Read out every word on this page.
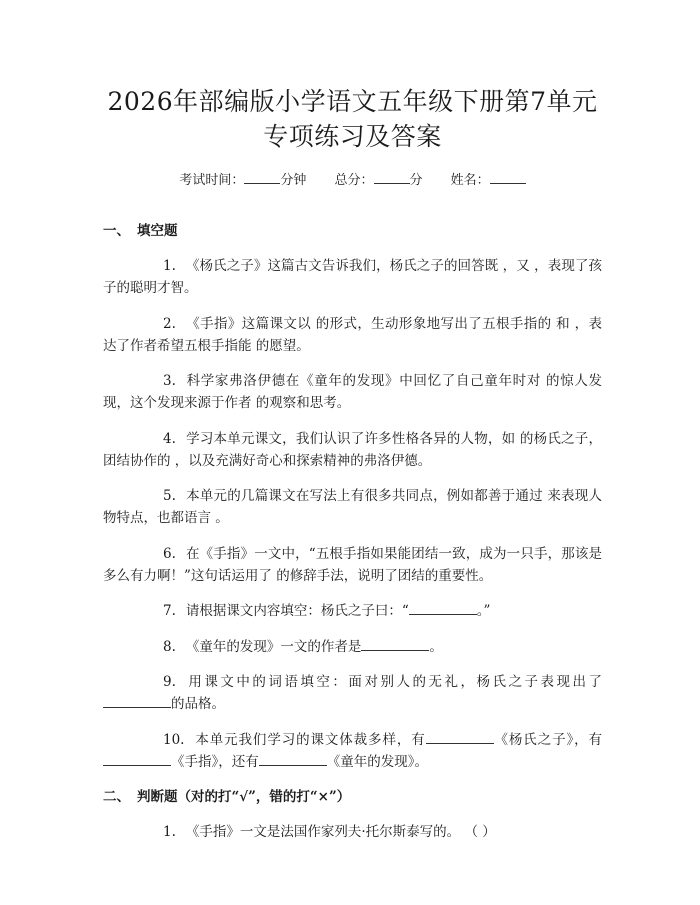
2026年部编版小学语文五年级下册第7单元
专项练习及答案
考试时间：	分钟 总分：	分 姓名：
一、 填空题

1. 《杨氏之子》这篇古文告诉我们，杨氏之子的回答既 ，又 ，表现了孩子的聪明才智。

2. 《手指》这篇课文以 的形式，生动形象地写出了五根手指的 和 ，表达了作者希望五根手指能 的愿望。

3. 科学家弗洛伊德在《童年的发现》中回忆了自己童年时对 的惊人发现，这个发现来源于作者 的观察和思考。

4. 学习本单元课文，我们认识了许多性格各异的人物，如 的杨氏之子，团结协作的 ，以及充满好奇心和探索精神的弗洛伊德。

5. 本单元的几篇课文在写法上有很多共同点，例如都善于通过 来表现人物特点，也都语言 。

6. 在《手指》一文中，“五根手指如果能团结一致，成为一只手，那该是多么有力啊！”这句话运用了 的修辞手法，说明了团结的重要性。

7. 请根据课文内容填空：杨氏之子曰：“	。”

8. 《童年的发现》一文的作者是	。

9. 用课文中的词语填空：面对别人的无礼，杨氏之子表现出了的品格。

10. 本单元我们学习的课文体裁多样，有	《杨氏之子》，有《手指》，还有	《童年的发现》。

二、 判断题（对的打“√”，错的打“×”）

1. 《手指》一文是法国作家列夫·托尔斯泰写的。 （ ）
